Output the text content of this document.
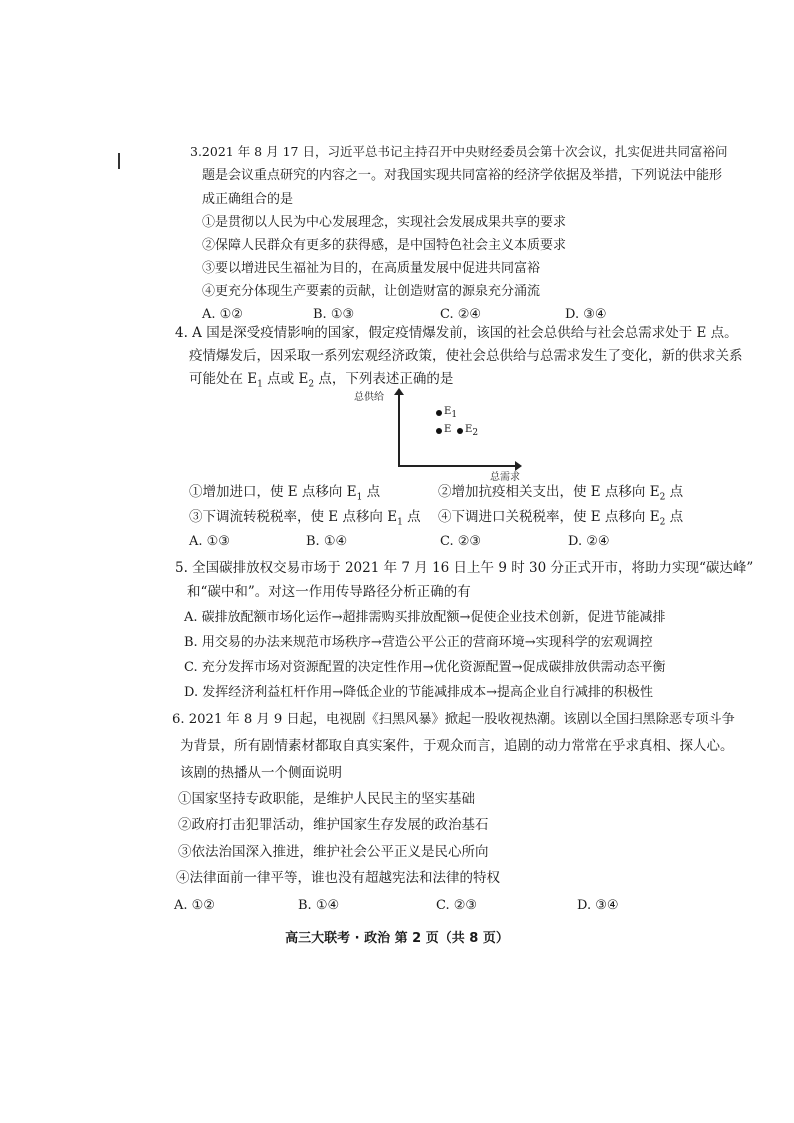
3.2021 年 8 月 17 日，习近平总书记主持召开中央财经委员会第十次会议，扎实促进共同富裕问
题是会议重点研究的内容之一。对我国实现共同富裕的经济学依据及举措，下列说法中能形
成正确组合的是
①是贯彻以人民为中心发展理念，实现社会发展成果共享的要求
②保障人民群众有更多的获得感，是中国特色社会主义本质要求
③要以增进民生福祉为目的，在高质量发展中促进共同富裕
④更充分体现生产要素的贡献，让创造财富的源泉充分涌流
A. ①②	B. ①③	C. ②④	D. ③④
4. A 国是深受疫情影响的国家，假定疫情爆发前，该国的社会总供给与社会总需求处于 E 点。
疫情爆发后，因采取一系列宏观经济政策，使社会总供给与总需求发生了变化，新的供求关系
可能处在 $E_1$ 点或 $E_2$ 点，下列表述正确的是
总供给
总需求
$E_1$
E $E_2$
①增加进口，使 E 点移向 $E_1$ 点	②增加抗疫相关支出，使 E 点移向 $E_2$ 点
③下调流转税税率，使 E 点移向 $E_1$ 点 ④下调进口关税税率，使 E 点移向 $E_2$ 点
A. ①③	B. ①④	C. ②③	D. ②④
5. 全国碳排放权交易市场于 2021 年 7 月 16 日上午 9 时 30 分正式开市，将助力实现“碳达峰”
和“碳中和”。对这一作用传导路径分析正确的有
A. 碳排放配额市场化运作→超排需购买排放配额→促使企业技术创新，促进节能减排
B. 用交易的办法来规范市场秩序→营造公平公正的营商环境→实现科学的宏观调控
C. 充分发挥市场对资源配置的决定性作用→优化资源配置→促成碳排放供需动态平衡
D. 发挥经济利益杠杆作用→降低企业的节能减排成本→提高企业自行减排的积极性
6. 2021 年 8 月 9 日起，电视剧《扫黑风暴》掀起一股收视热潮。该剧以全国扫黑除恶专项斗争
为背景，所有剧情素材都取自真实案件，于观众而言，追剧的动力常常在乎求真相、探人心。
该剧的热播从一个侧面说明
①国家坚持专政职能，是维护人民民主的坚实基础
②政府打击犯罪活动，维护国家生存发展的政治基石
③依法治国深入推进，维护社会公平正义是民心所向
④法律面前一律平等，谁也没有超越宪法和法律的特权
A. ①②	B. ①④	C. ②③	D. ③④
高三大联考 · 政治 第 2 页（共 8 页）
